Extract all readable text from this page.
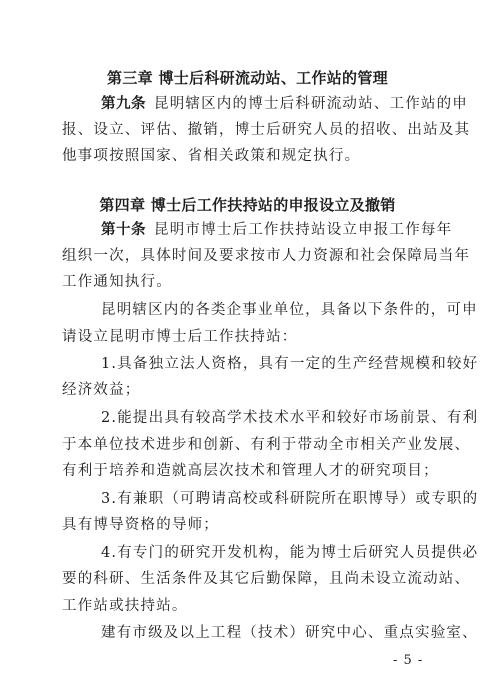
第三章 博士后科研流动站、工作站的管理
第九条 昆明辖区内的博士后科研流动站、工作站的申
报、设立、评估、撤销，博士后研究人员的招收、出站及其
他事项按照国家、省相关政策和规定执行。
第四章 博士后工作扶持站的申报设立及撤销
第十条 昆明市博士后工作扶持站设立申报工作每年
组织一次，具体时间及要求按市人力资源和社会保障局当年
工作通知执行。
昆明辖区内的各类企事业单位，具备以下条件的，可申
请设立昆明市博士后工作扶持站：
1.具备独立法人资格，具有一定的生产经营规模和较好
经济效益；
2.能提出具有较高学术技术水平和较好市场前景、有利
于本单位技术进步和创新、有利于带动全市相关产业发展、
有利于培养和造就高层次技术和管理人才的研究项目；
3.有兼职（可聘请高校或科研院所在职博导）或专职的
具有博导资格的导师；
4.有专门的研究开发机构，能为博士后研究人员提供必
要的科研、生活条件及其它后勤保障，且尚未设立流动站、
工作站或扶持站。
建有市级及以上工程（技术）研究中心、重点实验室、
- 5 -
